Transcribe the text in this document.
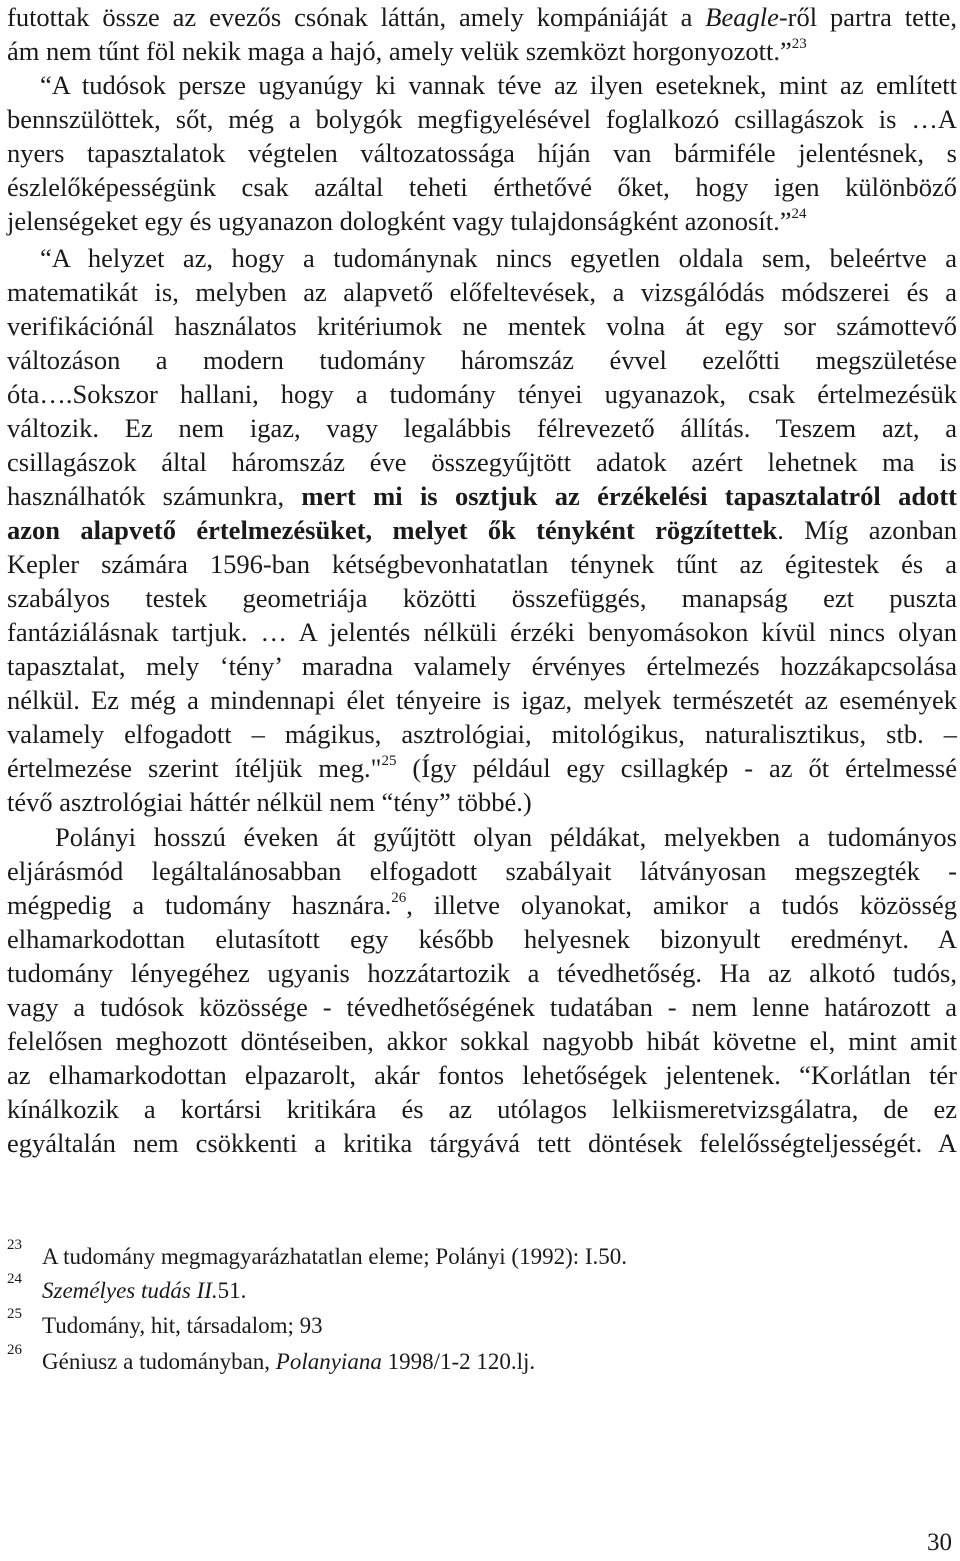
futottak össze az evezős csónak láttán, amely kompániáját a Beagle-ről partra tette,
ám nem tűnt föl nekik maga a hajó, amely velük szemközt horgonyozott.”$^{23}$
“A tudósok persze ugyanúgy ki vannak téve az ilyen eseteknek, mint az említett
bennszülöttek, sőt, még a bolygók megfigyelésével foglalkozó csillagászok is …A
nyers tapasztalatok végtelen változatossága híján van bármiféle jelentésnek, s
észlelőképességünk csak azáltal teheti érthetővé őket, hogy igen különböző
jelenségeket egy és ugyanazon dologként vagy tulajdonságként azonosít.”$^{24}$
“A helyzet az, hogy a tudománynak nincs egyetlen oldala sem, beleértve a
matematikát is, melyben az alapvető előfeltevések, a vizsgálódás módszerei és a
verifikációnál használatos kritériumok ne mentek volna át egy sor számottevő
változáson a modern tudomány háromszáz évvel ezelőtti megszületése
óta….Sokszor hallani, hogy a tudomány tényei ugyanazok, csak értelmezésük
változik. Ez nem igaz, vagy legalábbis félrevezető állítás. Teszem azt, a
csillagászok által háromszáz éve összegyűjtött adatok azért lehetnek ma is
használhatók számunkra, mert mi is osztjuk az érzékelési tapasztalatról adott
azon alapvető értelmezésüket, melyet ők tényként rögzítettek. Míg azonban
Kepler számára 1596-ban kétségbevonhatatlan ténynek tűnt az égitestek és a
szabályos testek geometriája közötti összefüggés, manapság ezt puszta
fantáziálásnak tartjuk. … A jelentés nélküli érzéki benyomásokon kívül nincs olyan
tapasztalat, mely ‘tény’ maradna valamely érvényes értelmezés hozzákapcsolása
nélkül. Ez még a mindennapi élet tényeire is igaz, melyek természetét az események
valamely elfogadott – mágikus, asztrológiai, mitológikus, naturalisztikus, stb. –
értelmezése szerint ítéljük meg."$^{25}$ (Így például egy csillagkép - az őt értelmessé
tévő asztrológiai háttér nélkül nem “tény” többé.)
Polányi hosszú éveken át gyűjtött olyan példákat, melyekben a tudományos
eljárásmód legáltalánosabban elfogadott szabályait látványosan megszegték -
mégpedig a tudomány hasznára.$^{26}$, illetve olyanokat, amikor a tudós közösség
elhamarkodottan elutasított egy később helyesnek bizonyult eredményt. A
tudomány lényegéhez ugyanis hozzátartozik a tévedhetőség. Ha az alkotó tudós,
vagy a tudósok közössége - tévedhetőségének tudatában - nem lenne határozott a
felelősen meghozott döntéseiben, akkor sokkal nagyobb hibát követne el, mint amit
az elhamarkodottan elpazarolt, akár fontos lehetőségek jelentenek. “Korlátlan tér
kínálkozik a kortársi kritikára és az utólagos lelkiismeretvizsgálatra, de ez
egyáltalán nem csökkenti a kritika tárgyává tett döntések felelősségteljességét. A
23 A tudomány megmagyarázhatatlan eleme; Polányi (1992): I.50.
24 Személyes tudás II.51.
25 Tudomány, hit, társadalom; 93
26 Géniusz a tudományban, Polanyiana 1998/1-2 120.lj.
30
